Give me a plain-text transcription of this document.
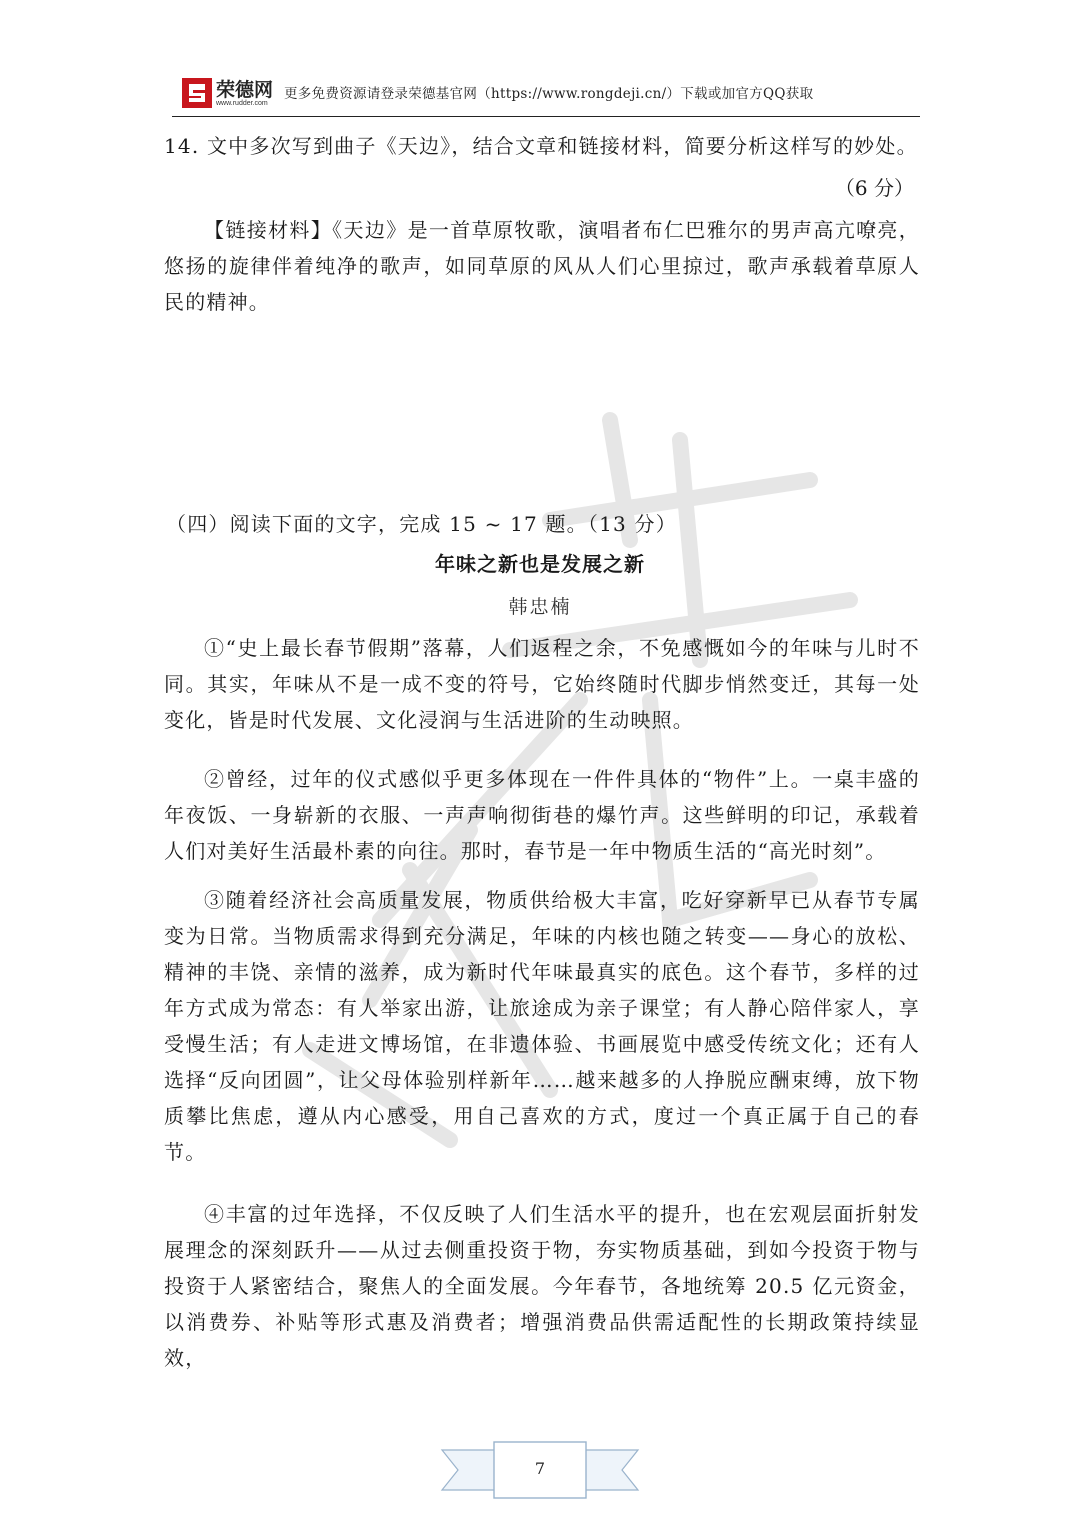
荣德网
www.rudder.com
更多免费资源请登录荣德基官网（https://www.rongdeji.cn/）下载或加官方QQ获取

14. 文中多次写到曲子《天边》，结合文章和链接材料，简要分析这样写的妙处。

（6 分）

【链接材料】《天边》是一首草原牧歌，演唱者布仁巴雅尔的男声高亢嘹亮，悠扬的旋律伴着纯净的歌声，如同草原的风从人们心里掠过，歌声承载着草原人民的精神。

（四）阅读下面的文字，完成 15 ~ 17 题。（13 分）

年味之新也是发展之新
韩忠楠

①“史上最长春节假期”落幕，人们返程之余，不免感慨如今的年味与儿时不同。其实，年味从不是一成不变的符号，它始终随时代脚步悄然变迁，其每一处变化，皆是时代发展、文化浸润与生活进阶的生动映照。

②曾经，过年的仪式感似乎更多体现在一件件具体的“物件”上。一桌丰盛的年夜饭、一身崭新的衣服、一声声响彻街巷的爆竹声。这些鲜明的印记，承载着人们对美好生活最朴素的向往。那时，春节是一年中物质生活的“高光时刻”。

③随着经济社会高质量发展，物质供给极大丰富，吃好穿新早已从春节专属变为日常。当物质需求得到充分满足，年味的内核也随之转变——身心的放松、精神的丰饶、亲情的滋养，成为新时代年味最真实的底色。这个春节，多样的过年方式成为常态：有人举家出游，让旅途成为亲子课堂；有人静心陪伴家人，享受慢生活；有人走进文博场馆，在非遗体验、书画展览中感受传统文化；还有人选择“反向团圆”，让父母体验别样新年……越来越多的人挣脱应酬束缚，放下物质攀比焦虑，遵从内心感受，用自己喜欢的方式，度过一个真正属于自己的春节。

④丰富的过年选择，不仅反映了人们生活水平的提升，也在宏观层面折射发展理念的深刻跃升——从过去侧重投资于物，夯实物质基础，到如今投资于物与投资于人紧密结合，聚焦人的全面发展。今年春节，各地统筹 20.5 亿元资金，以消费券、补贴等形式惠及消费者；增强消费品供需适配性的长期政策持续显效，

7
